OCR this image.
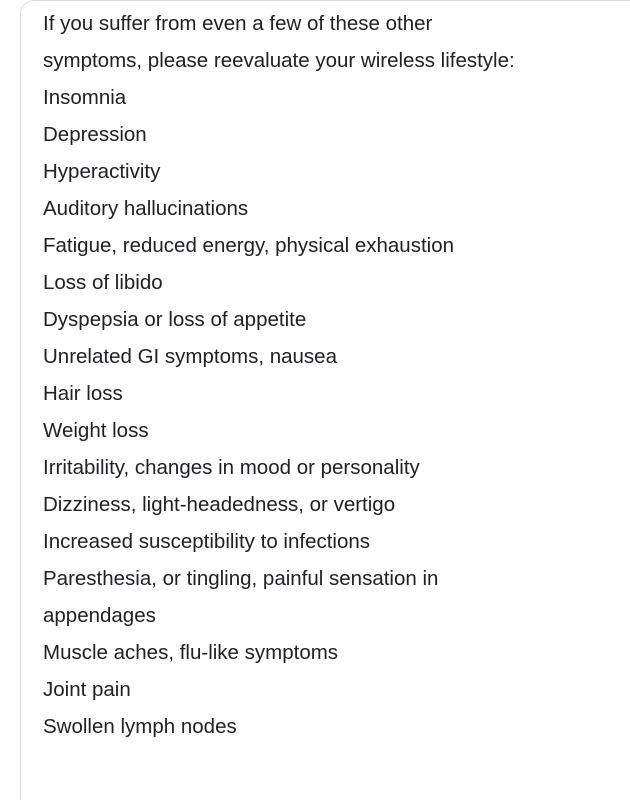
If you suffer from even a few of these other
symptoms, please reevaluate your wireless lifestyle:
Insomnia
Depression
Hyperactivity
Auditory hallucinations
Fatigue, reduced energy, physical exhaustion
Loss of libido
Dyspepsia or loss of appetite
Unrelated GI symptoms, nausea
Hair loss
Weight loss
Irritability, changes in mood or personality
Dizziness, light-headedness, or vertigo
Increased susceptibility to infections
Paresthesia, or tingling, painful sensation in
appendages
Muscle aches, flu-like symptoms
Joint pain
Swollen lymph nodes
